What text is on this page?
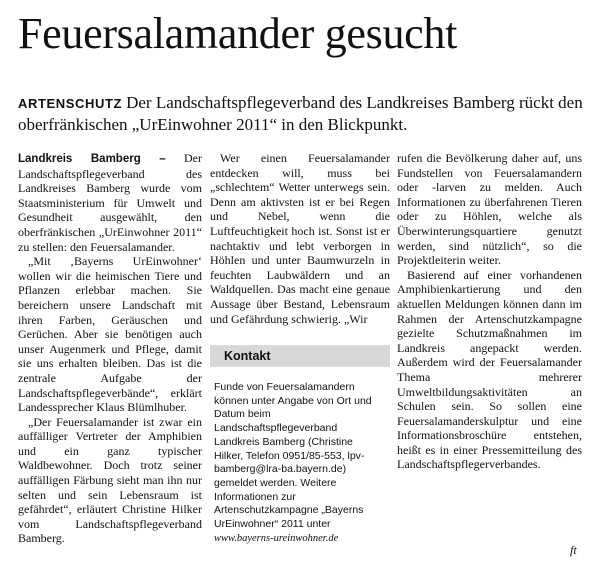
Feuersalamander gesucht

ARTENSCHUTZ Der Landschaftspflegeverband des Landkreises Bamberg rückt den oberfränkischen „UrEinwohner 2011“ in den Blickpunkt.

Landkreis Bamberg – Der Landschaftspflegeverband des Landkreises Bamberg wurde vom Staatsministerium für Umwelt und Gesundheit ausgewählt, den oberfränkischen „UrEinwohner 2011“ zu stellen: den Feuersalamander.

„Mit ‚Bayerns UrEinwohner‘ wollen wir die heimischen Tiere und Pflanzen erlebbar machen. Sie bereichern unsere Landschaft mit ihren Farben, Geräuschen und Gerüchen. Aber sie benötigen auch unser Augenmerk und Pflege, damit sie uns erhalten bleiben. Das ist die zentrale Aufgabe der Landschaftspflegeverbände“, erklärt Landessprecher Klaus Blümlhuber.

„Der Feuersalamander ist zwar ein auffälliger Vertreter der Amphibien und ein ganz typischer Waldbewohner. Doch trotz seiner auffälligen Färbung sieht man ihn nur selten und sein Lebensraum ist gefährdet“, erläutert Christine Hilker vom Landschaftspflegeverband Bamberg.

Wer einen Feuersalamander entdecken will, muss bei „schlechtem“ Wetter unterwegs sein. Denn am aktivsten ist er bei Regen und Nebel, wenn die Luftfeuchtigkeit hoch ist. Sonst ist er nachtaktiv und lebt verborgen in Höhlen und unter Baumwurzeln in feuchten Laubwäldern und an Waldquellen. Das macht eine genaue Aussage über Bestand, Lebensraum und Gefährdung schwierig. „Wir

rufen die Bevölkerung daher auf, uns Fundstellen von Feuersalamandern oder -larven zu melden. Auch Informationen zu überfahrenen Tieren oder zu Höhlen, welche als Überwinterungsquartiere genutzt werden, sind nützlich“, so die Projektleiterin weiter.

Basierend auf einer vorhandenen Amphibienkartierung und den aktuellen Meldungen können dann im Rahmen der Artenschutzkampagne gezielte Schutzmaßnahmen im Landkreis angepackt werden. Außerdem wird der Feuersalamander Thema mehrerer Umweltbildungsaktivitäten an Schulen sein. So sollen eine Feuersalamanderskulptur und eine Informationsbroschüre entstehen, heißt es in einer Pressemitteilung des Landschaftspflegerverbandes.

Kontakt
Funde von Feuersalamandern können unter Angabe von Ort und Datum beim Landschaftspflegeverband Landkreis Bamberg (Christine Hilker, Telefon 0951/85-553, lpv-bamberg@lra-ba.bayern.de) gemeldet werden. Weitere Informationen zur Artenschutzkampagne „Bayerns UrEinwohner“ 2011 unter www.bayerns-ureinwohner.de
ft
